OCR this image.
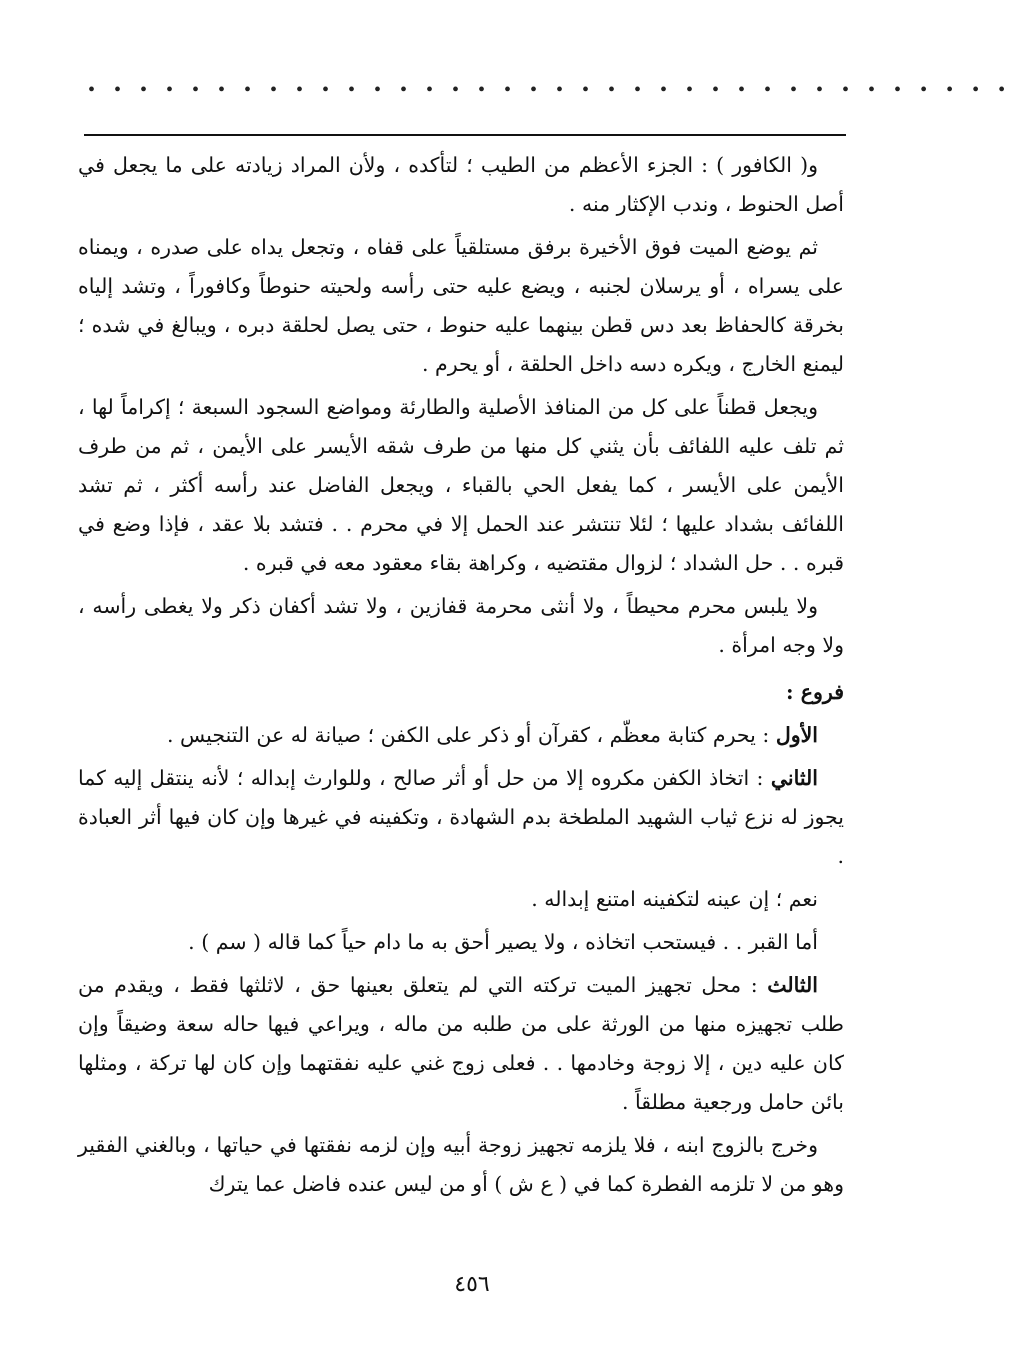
• • • • • • • • • • • • • • • • • • • • • • • • • • • • • • • • • • • •

و( الكافور ) : الجزء الأعظم من الطيب ؛ لتأكده ، ولأن المراد زيادته على ما يجعل في أصل الحنوط ، وندب الإكثار منه .

ثم يوضع الميت فوق الأخيرة برفق مستلقياً على قفاه ، وتجعل يداه على صدره ، ويمناه على يسراه ، أو يرسلان لجنبه ، ويضع عليه حتى رأسه ولحيته حنوطاً وكافوراً ، وتشد إلياه بخرقة كالحفاظ بعد دس قطن بينهما عليه حنوط ، حتى يصل لحلقة دبره ، ويبالغ في شده ؛ ليمنع الخارج ، ويكره دسه داخل الحلقة ، أو يحرم .

ويجعل قطناً على كل من المنافذ الأصلية والطارئة ومواضع السجود السبعة ؛ إكراماً لها ، ثم تلف عليه اللفائف بأن يثني كل منها من طرف شقه الأيسر على الأيمن ، ثم من طرف الأيمن على الأيسر ، كما يفعل الحي بالقباء ، ويجعل الفاضل عند رأسه أكثر ، ثم تشد اللفائف بشداد عليها ؛ لئلا تنتشر عند الحمل إلا في محرم . . فتشد بلا عقد ، فإذا وضع في قبره . . حل الشداد ؛ لزوال مقتضيه ، وكراهة بقاء معقود معه في قبره .

ولا يلبس محرم محيطاً ، ولا أنثى محرمة قفازين ، ولا تشد أكفان ذكر ولا يغطى رأسه ، ولا وجه امرأة .

فروع :

الأول : يحرم كتابة معظّم ، كقرآن أو ذكر على الكفن ؛ صيانة له عن التنجيس .

الثاني : اتخاذ الكفن مكروه إلا من حل أو أثر صالح ، وللوارث إبداله ؛ لأنه ينتقل إليه كما يجوز له نزع ثياب الشهيد الملطخة بدم الشهادة ، وتكفينه في غيرها وإن كان فيها أثر العبادة .

نعم ؛ إن عينه لتكفينه امتنع إبداله .

أما القبر . . فيستحب اتخاذه ، ولا يصير أحق به ما دام حياً كما قاله ( سم ) .

الثالث : محل تجهيز الميت تركته التي لم يتعلق بعينها حق ، لاثلثها فقط ، ويقدم من طلب تجهيزه منها من الورثة على من طلبه من ماله ، ويراعي فيها حاله سعة وضيقاً وإن كان عليه دين ، إلا زوجة وخادمها . . فعلى زوج غني عليه نفقتهما وإن كان لها تركة ، ومثلها بائن حامل ورجعية مطلقاً .

وخرج بالزوج ابنه ، فلا يلزمه تجهيز زوجة أبيه وإن لزمه نفقتها في حياتها ، وبالغني الفقير وهو من لا تلزمه الفطرة كما في ( ع ش ) أو من ليس عنده فاضل عما يترك

٤٥٦
